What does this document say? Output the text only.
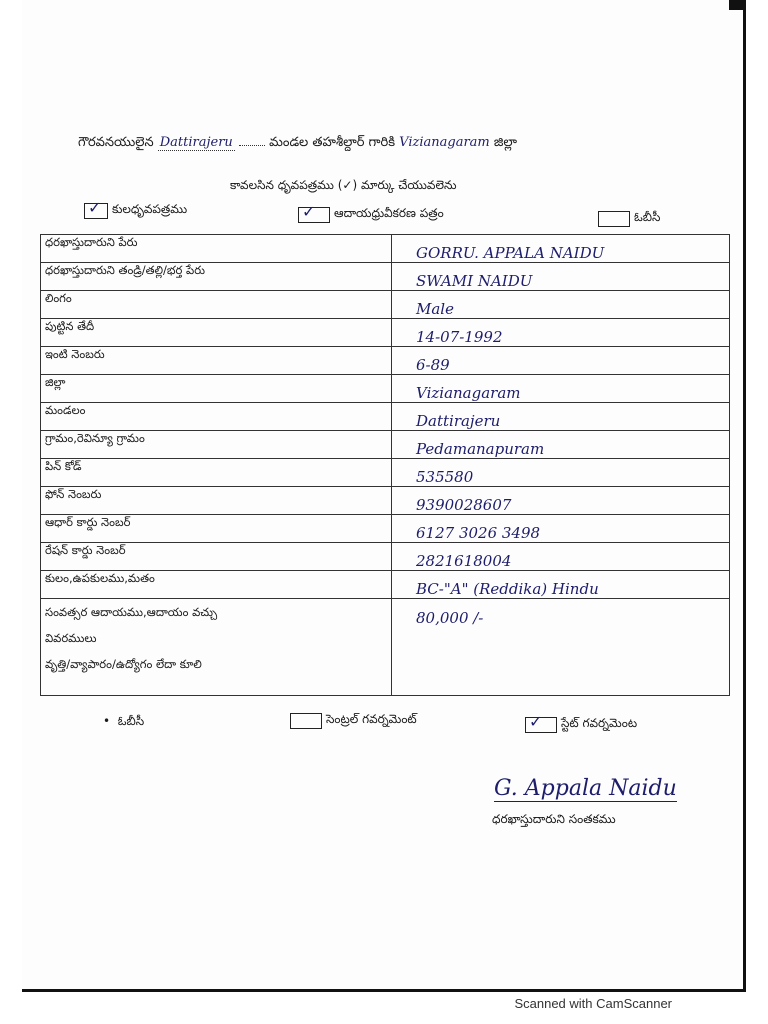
గౌరవనయులైన Dattirajeru	మండల తహశీల్దార్ గారికి Vizianagaram జిల్లా
కావలసిన ధృవపత్రము (✓) మార్కు చేయువలెను
✓ కులధృవపత్రము	✓ ఆదాయధ్రువీకరణ పత్రం	ఓబీసీ
ధరఖాస్తుదారుని పేరు	GORRU. APPALA NAIDU
ధరఖాస్తుదారుని తండ్రి/తల్లి/భర్త పేరు	SWAMI NAIDU
లింగం	Male
పుట్టిన తేదీ	14-07-1992
ఇంటి నెంబరు	6-89
జిల్లా	Vizianagaram
మండలం	Dattirajeru
గ్రామం,రెవిన్యూ గ్రామం	Pedamanapuram
పిన్ కోడ్	535580
ఫోన్ నెంబరు	9390028607
ఆధార్ కార్డు నెంబర్	6127 3026 3498
రేషన్ కార్డు నెంబర్	2821618004
కులం,ఉపకులము,మతం	BC-"A" (Reddika) Hindu

సంవత్సర ఆదాయము,ఆదాయం వచ్చు
వివరములు
వృత్తి/వ్యాపారం/ఉద్యోగం లేదా కూలి	80,000 /-
•  ఓబీసీ	సెంట్రల్ గవర్నమెంట్	✓ స్టేట్ గవర్నమెంట
G. Appala Naidu
ధరఖాస్తుదారుని సంతకము
Scanned with CamScanner
